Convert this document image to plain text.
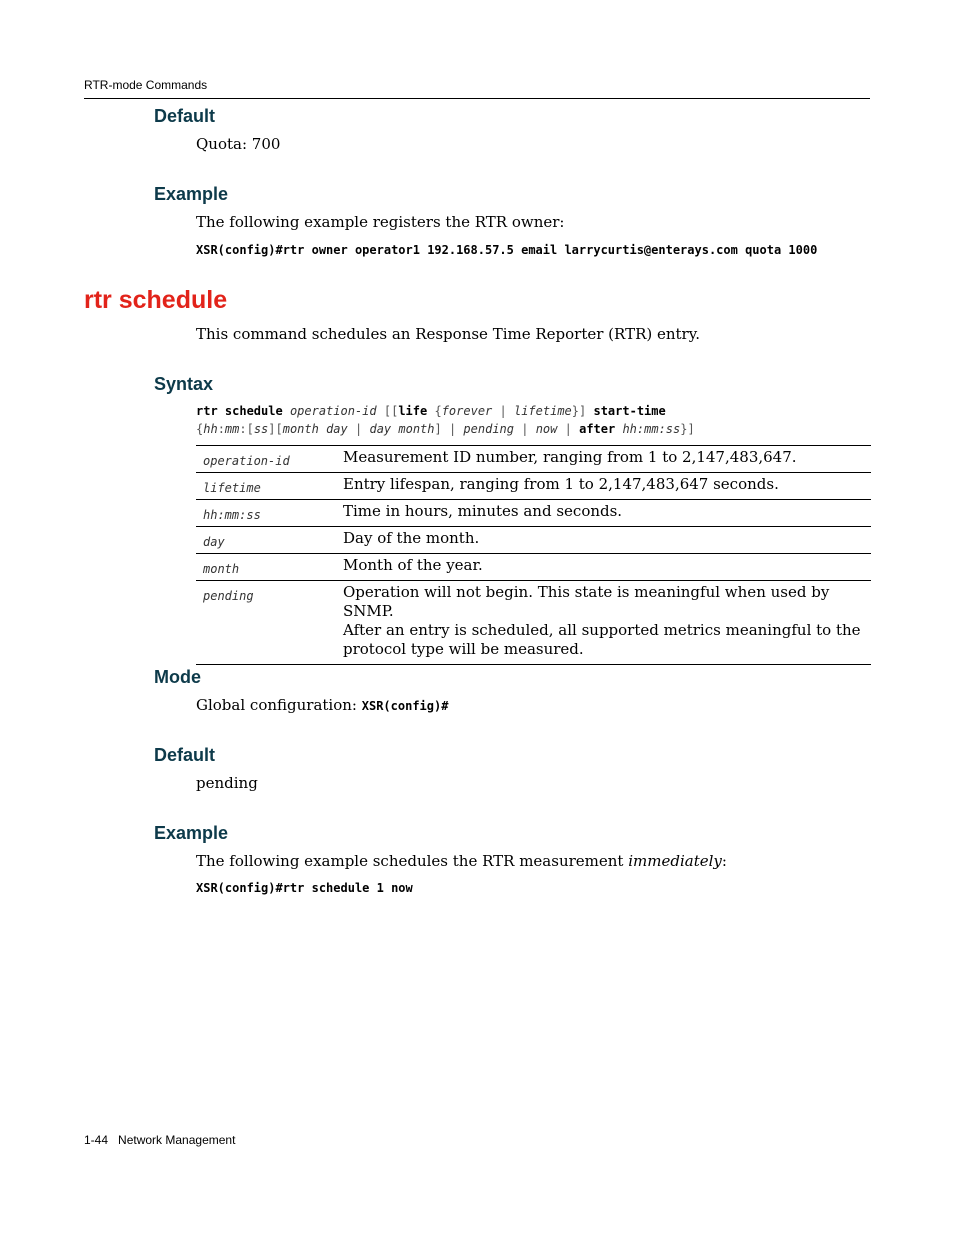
RTR-mode Commands
Default
Quota: 700
Example
The following example registers the RTR owner:
XSR(config)#rtr owner operator1 192.168.57.5 email larrycurtis@enterays.com quota 1000
rtr schedule
This command schedules an Response Time Reporter (RTR) entry.
Syntax
rtr schedule operation-id [[life {forever | lifetime}] start-time
{hh:mm:[ss][month day | day month] | pending | now | after hh:mm:ss}]
operation-id	Measurement ID number, ranging from 1 to 2,147,483,647.
lifetime	Entry lifespan, ranging from 1 to 2,147,483,647 seconds.
hh:mm:ss	Time in hours, minutes and seconds.
day	Day of the month.
month	Month of the year.
pending	Operation will not begin. This state is meaningful when used by SNMP.
After an entry is scheduled, all supported metrics meaningful to the
protocol type will be measured.
Mode
Global configuration: XSR(config)#
Default
pending
Example
The following example schedules the RTR measurement immediately:
XSR(config)#rtr schedule 1 now
1-44 Network Management
